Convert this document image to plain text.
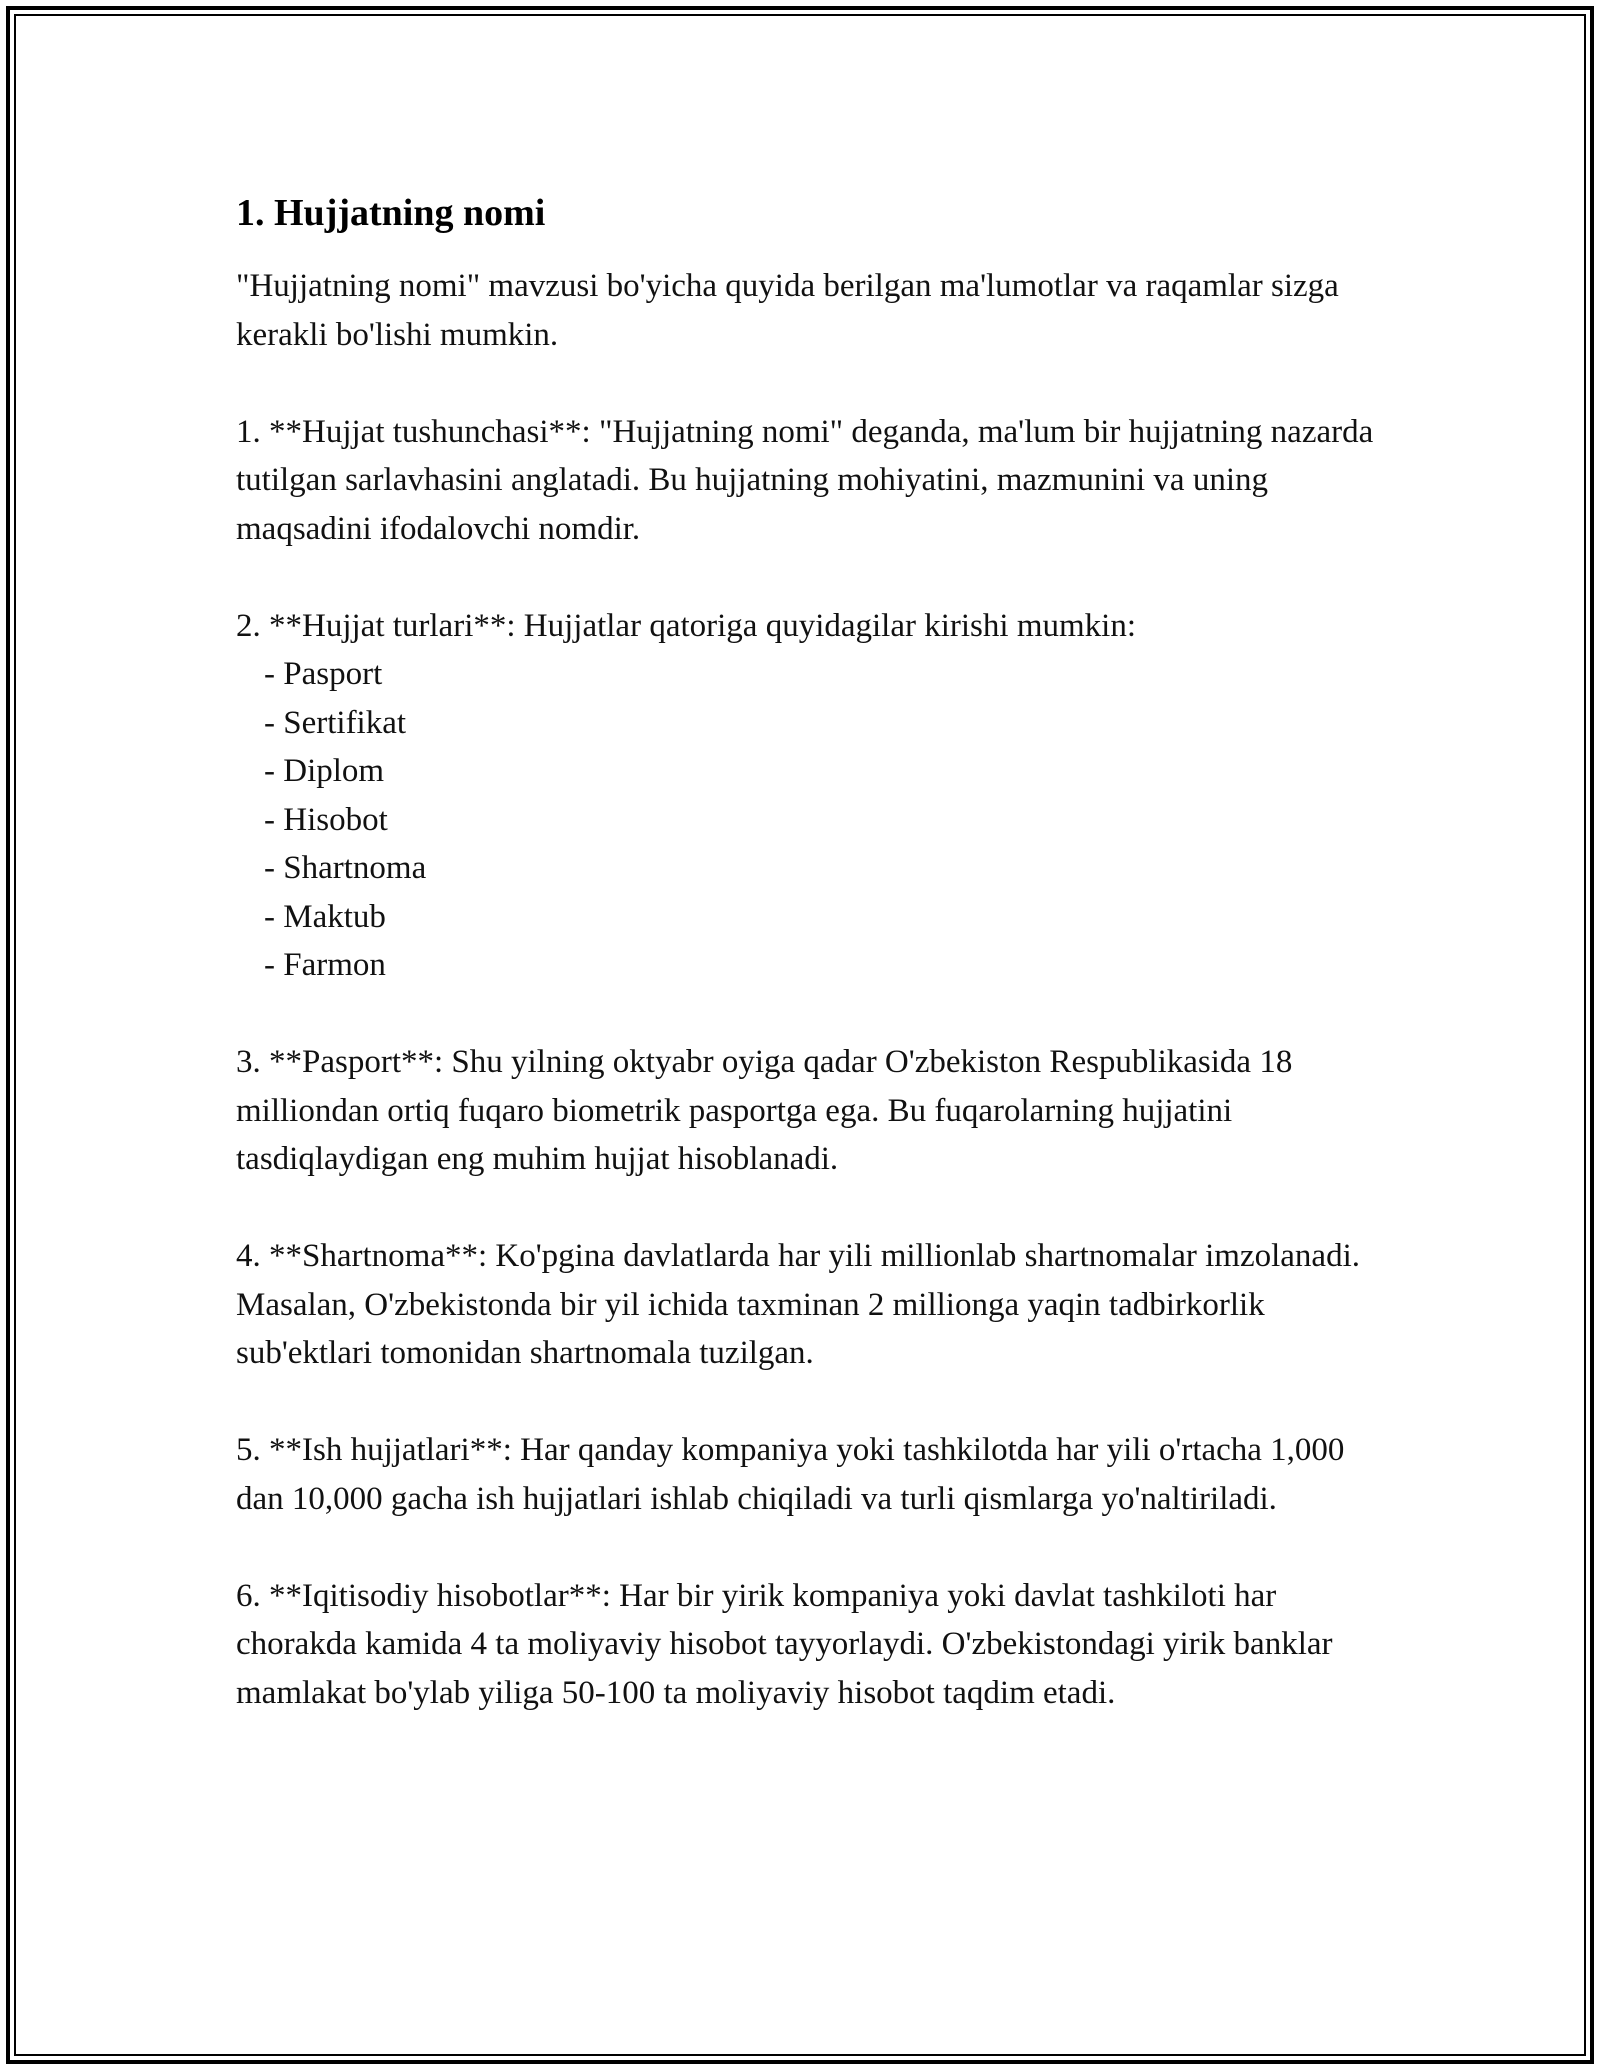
1. Hujjatning nomi

"Hujjatning nomi" mavzusi bo'yicha quyida berilgan ma'lumotlar va raqamlar sizga kerakli bo'lishi mumkin.

1. **Hujjat tushunchasi**: "Hujjatning nomi" deganda, ma'lum bir hujjatning nazarda tutilgan sarlavhasini anglatadi. Bu hujjatning mohiyatini, mazmunini va uning maqsadini ifodalovchi nomdir.

2. **Hujjat turlari**: Hujjatlar qatoriga quyidagilar kirishi mumkin:

- Pasport
- Sertifikat
- Diplom
- Hisobot
- Shartnoma
- Maktub
- Farmon

3. **Pasport**: Shu yilning oktyabr oyiga qadar O'zbekiston Respublikasida 18 milliondan ortiq fuqaro biometrik pasportga ega. Bu fuqarolarning hujjatini tasdiqlaydigan eng muhim hujjat hisoblanadi.

4. **Shartnoma**: Ko'pgina davlatlarda har yili millionlab shartnomalar imzolanadi. Masalan, O'zbekistonda bir yil ichida taxminan 2 millionga yaqin tadbirkorlik sub'ektlari tomonidan shartnomala tuzilgan.

5. **Ish hujjatlari**: Har qanday kompaniya yoki tashkilotda har yili o'rtacha 1,000 dan 10,000 gacha ish hujjatlari ishlab chiqiladi va turli qismlarga yo'naltiriladi.

6. **Iqitisodiy hisobotlar**: Har bir yirik kompaniya yoki davlat tashkiloti har chorakda kamida 4 ta moliyaviy hisobot tayyorlaydi. O'zbekistondagi yirik banklar mamlakat bo'ylab yiliga 50-100 ta moliyaviy hisobot taqdim etadi.
